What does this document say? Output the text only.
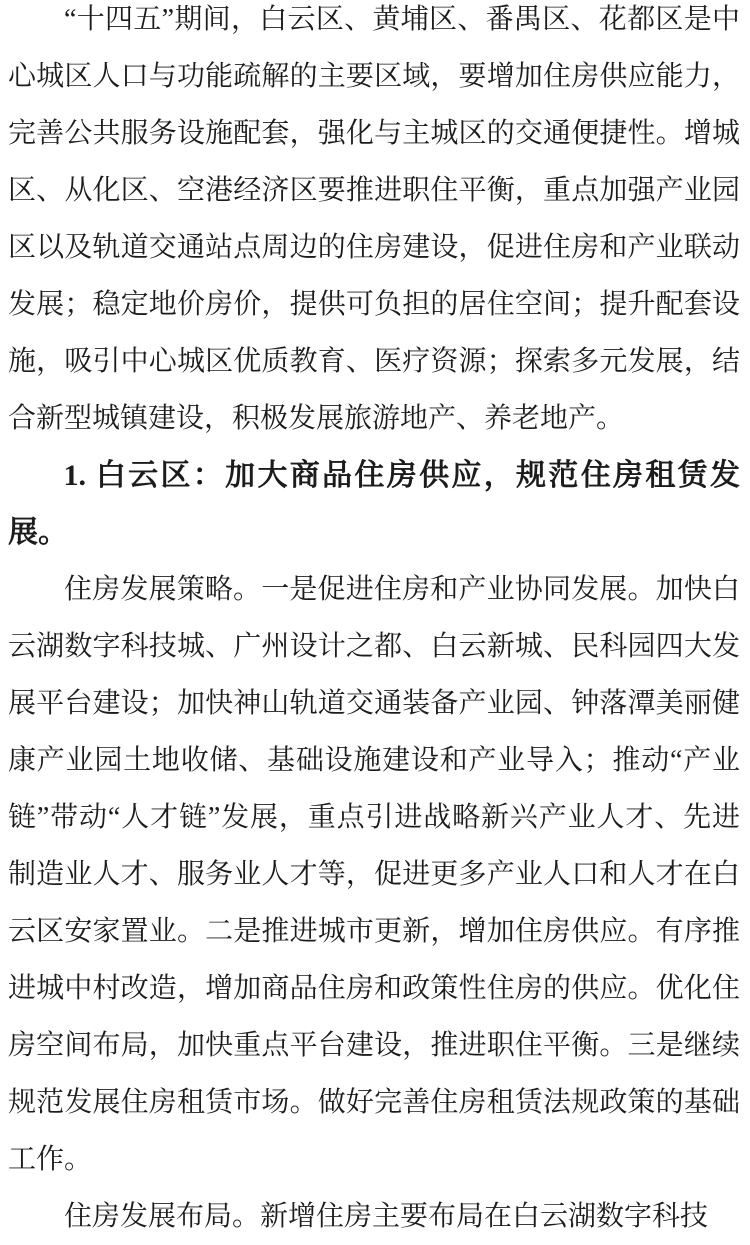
“十四五”期间，白云区、黄埔区、番禺区、花都区是中心城区人口与功能疏解的主要区域，要增加住房供应能力，完善公共服务设施配套，强化与主城区的交通便捷性。增城区、从化区、空港经济区要推进职住平衡，重点加强产业园区以及轨道交通站点周边的住房建设，促进住房和产业联动发展；稳定地价房价，提供可负担的居住空间；提升配套设施，吸引中心城区优质教育、医疗资源；探索多元发展，结合新型城镇建设，积极发展旅游地产、养老地产。

1. 白云区：加大商品住房供应，规范住房租赁发展。

住房发展策略。一是促进住房和产业协同发展。加快白云湖数字科技城、广州设计之都、白云新城、民科园四大发展平台建设；加快神山轨道交通装备产业园、钟落潭美丽健康产业园土地收储、基础设施建设和产业导入；推动“产业链”带动“人才链”发展，重点引进战略新兴产业人才、先进制造业人才、服务业人才等，促进更多产业人口和人才在白云区安家置业。二是推进城市更新，增加住房供应。有序推进城中村改造，增加商品住房和政策性住房的供应。优化住房空间布局，加快重点平台建设，推进职住平衡。三是继续规范发展住房租赁市场。做好完善住房租赁法规政策的基础工作。

住房发展布局。新增住房主要布局在白云湖数字科技
